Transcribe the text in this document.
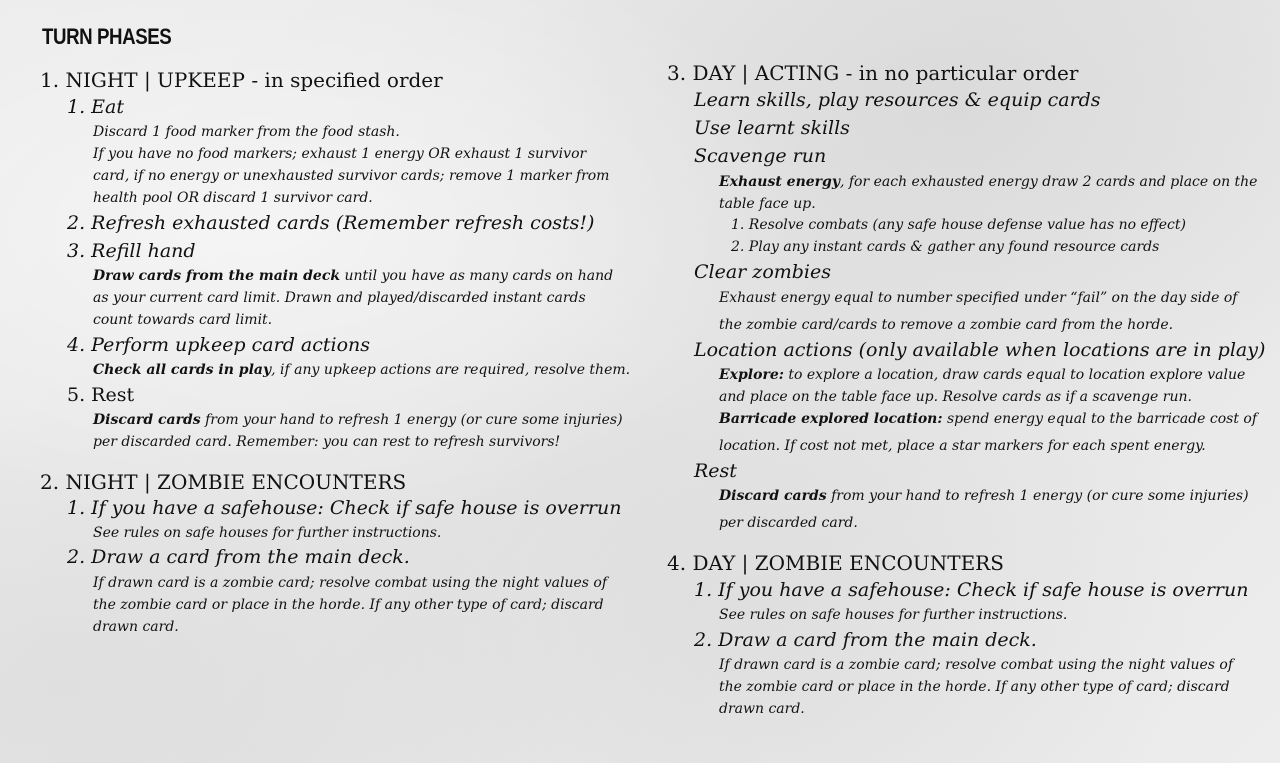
TURN PHASES
1. NIGHT | UPKEEP - in specified order
1. Eat
Discard 1 food marker from the food stash.
If you have no food markers; exhaust 1 energy OR exhaust 1 survivor
card, if no energy or unexhausted survivor cards; remove 1 marker from
health pool OR discard 1 survivor card.
2. Refresh exhausted cards (Remember refresh costs!)
3. Refill hand
Draw cards from the main deck until you have as many cards on hand
as your current card limit. Drawn and played/discarded instant cards
count towards card limit.
4. Perform upkeep card actions
Check all cards in play, if any upkeep actions are required, resolve them.
5. Rest
Discard cards from your hand to refresh 1 energy (or cure some injuries)
per discarded card. Remember: you can rest to refresh survivors!
2. NIGHT | ZOMBIE ENCOUNTERS
1. If you have a safehouse: Check if safe house is overrun
See rules on safe houses for further instructions.
2. Draw a card from the main deck.
If drawn card is a zombie card; resolve combat using the night values of
the zombie card or place in the horde. If any other type of card; discard
drawn card.
3. DAY | ACTING - in no particular order
Learn skills, play resources & equip cards
Use learnt skills
Scavenge run
Exhaust energy, for each exhausted energy draw 2 cards and place on the
table face up.
1. Resolve combats (any safe house defense value has no effect)
2. Play any instant cards & gather any found resource cards
Clear zombies
Exhaust energy equal to number specified under “fail” on the day side of
the zombie card/cards to remove a zombie card from the horde.
Location actions (only available when locations are in play)
Explore: to explore a location, draw cards equal to location explore value
and place on the table face up. Resolve cards as if a scavenge run.
Barricade explored location: spend energy equal to the barricade cost of
location. If cost not met, place a star markers for each spent energy.
Rest
Discard cards from your hand to refresh 1 energy (or cure some injuries)
per discarded card.
4. DAY | ZOMBIE ENCOUNTERS
1. If you have a safehouse: Check if safe house is overrun
See rules on safe houses for further instructions.
2. Draw a card from the main deck.
If drawn card is a zombie card; resolve combat using the night values of
the zombie card or place in the horde. If any other type of card; discard
drawn card.
